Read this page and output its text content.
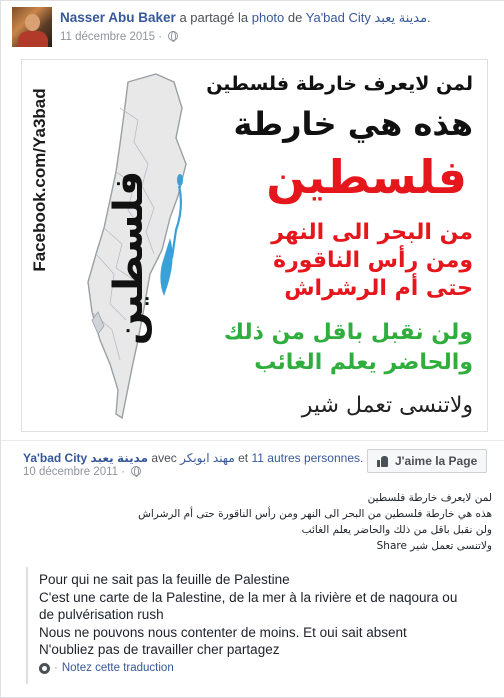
Nasser Abu Baker a partagé la photo de Ya'bad City مدينة يعبد.
11 décembre 2015 ·
Facebook.com/Ya3bad فلسطين
لمن لايعرف خارطة فلسطين
هذه هي خارطة
فلسطين
من البحر الى النهر
ومن رأس الناقورة
حتى أم الرشراش
ولن نقبل باقل من ذلك
والحاضر يعلم الغائب
ولاتنسى تعمل شير
Ya'bad City مدينة يعبد avec مهند ابوبكر et 11 autres personnes.
10 décembre 2011 ·
J'aime la Page
لمن لايعرف خارطة فلسطين
هذه هي خارطة فلسطين من البحر الى النهر ومن رأس الناقورة حتى أم الرشراش
ولن نقبل باقل من ذلك والحاضر يعلم الغائب
ولاتنسى تعمل شير Share
Pour qui ne sait pas la feuille de Palestine
C'est une carte de la Palestine, de la mer à la rivière et de naqoura ou
de pulvérisation rush
Nous ne pouvons nous contenter de moins. Et oui sait absent
N'oubliez pas de travailler cher partagez
· Notez cette traduction
